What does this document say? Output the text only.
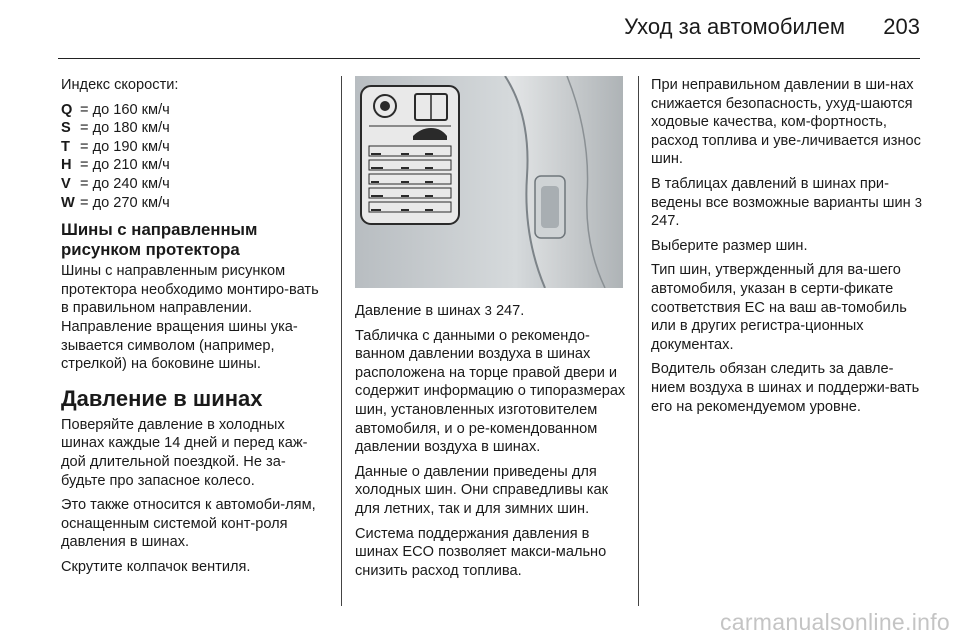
Уход за автомобилем 203

Индекс скорости:

Q = до 160 км/ч
S = до 180 км/ч
T = до 190 км/ч
H = до 210 км/ч
V = до 240 км/ч
W = до 270 км/ч
Шины с направленным рисунком протектора

Шины с направленным рисунком протектора необходимо монтиро-вать в правильном направлении. Направление вращения шины ука-зывается символом (например, стрелкой) на боковине шины.

Давление в шинах

Поверяйте давление в холодных шинах каждые 14 дней и перед каж-дой длительной поездкой. Не за-будьте про запасное колесо.

Это также относится к автомоби-лям, оснащенным системой конт-роля давления в шинах.

Скрутите колпачок вентиля.

Давление в шинах 3 247.

Табличка с данными о рекомендо-ванном давлении воздуха в шинах расположена на торце правой двери и содержит информацию о типоразмерах шин, установленных изготовителем автомобиля, и о ре-комендованном давлении воздуха в шинах.

Данные о давлении приведены для холодных шин. Они справедливы как для летних, так и для зимних шин.

Система поддержания давления в шинах ECO позволяет макси-мально снизить расход топлива.

При неправильном давлении в ши-нах снижается безопасность, ухуд-шаются ходовые качества, ком-фортность, расход топлива и уве-личивается износ шин.

В таблицах давлений в шинах при-ведены все возможные варианты шин 3 247.

Выберите размер шин.

Тип шин, утвержденный для ва-шего автомобиля, указан в серти-фикате соответствия ЕС на ваш ав-томобиль или в других регистра-ционных документах.

Водитель обязан следить за давле-нием воздуха в шинах и поддержи-вать его на рекомендуемом уровне.

carmanualsonline.info
